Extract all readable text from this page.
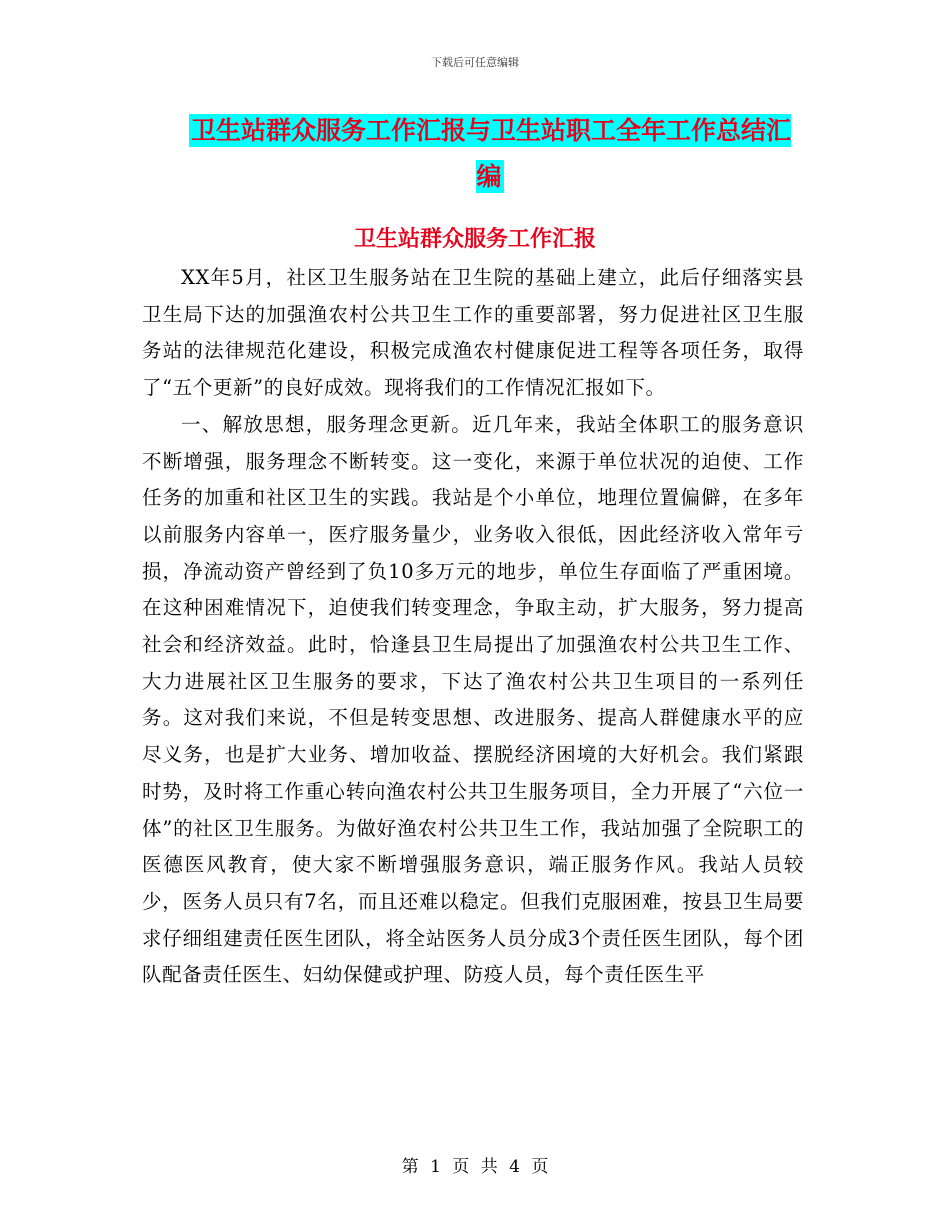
下载后可任意编辑
卫生站群众服务工作汇报与卫生站职工全年工作总结汇编
卫生站群众服务工作汇报

XX年5月，社区卫生服务站在卫生院的基础上建立，此后仔细落实县卫生局下达的加强渔农村公共卫生工作的重要部署，努力促进社区卫生服务站的法律规范化建设，积极完成渔农村健康促进工程等各项任务，取得了“五个更新”的良好成效。现将我们的工作情况汇报如下。

一、解放思想，服务理念更新。近几年来，我站全体职工的服务意识不断增强，服务理念不断转变。这一变化，来源于单位状况的迫使、工作任务的加重和社区卫生的实践。我站是个小单位，地理位置偏僻，在多年以前服务内容单一，医疗服务量少，业务收入很低，因此经济收入常年亏损，净流动资产曾经到了负10多万元的地步，单位生存面临了严重困境。在这种困难情况下，迫使我们转变理念，争取主动，扩大服务，努力提高社会和经济效益。此时，恰逢县卫生局提出了加强渔农村公共卫生工作、大力进展社区卫生服务的要求，下达了渔农村公共卫生项目的一系列任务。这对我们来说，不但是转变思想、改进服务、提高人群健康水平的应尽义务，也是扩大业务、增加收益、摆脱经济困境的大好机会。我们紧跟时势，及时将工作重心转向渔农村公共卫生服务项目，全力开展了“六位一体”的社区卫生服务。为做好渔农村公共卫生工作，我站加强了全院职工的医德医风教育，使大家不断增强服务意识，端正服务作风。我站人员较少，医务人员只有7名，而且还难以稳定。但我们克服困难，按县卫生局要求仔细组建责任医生团队，将全站医务人员分成3个责任医生团队，每个团队配备责任医生、妇幼保健或护理、防疫人员，每个责任医生平

第 1 页 共 4 页
